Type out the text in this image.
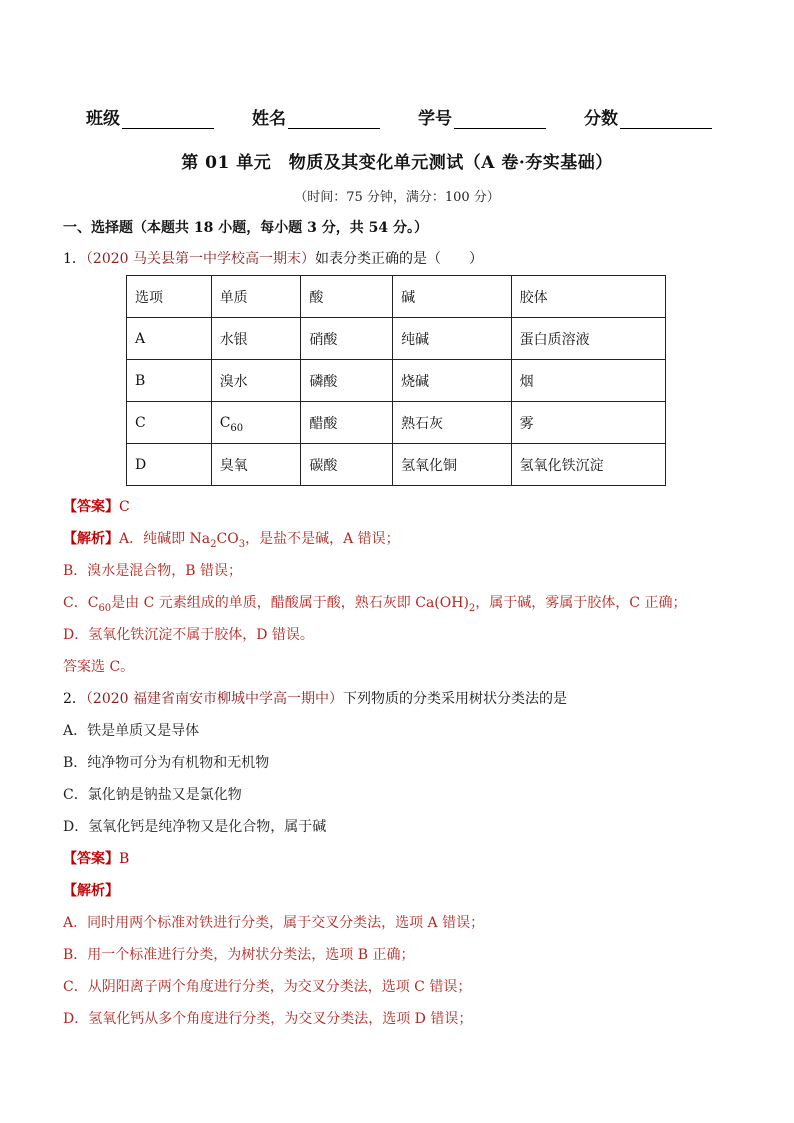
班级	姓名	学号	分数
第 01 单元　物质及其变化单元测试（A 卷·夯实基础）
（时间：75 分钟，满分：100 分）
一、选择题（本题共 18 小题，每小题 3 分，共 54 分。）
1．（2020 马关县第一中学校高一期末）如表分类正确的是（　　）
选项	单质	酸	碱	胶体
A	水银	硝酸	纯碱	蛋白质溶液
B	溴水	磷酸	烧碱	烟
C	$C_{60}$	醋酸	熟石灰	雾
D	臭氧	碳酸	氢氧化铜	氢氧化铁沉淀
【答案】C
【解析】A．纯碱即 $Na_2CO_3$，是盐不是碱，A 错误；
B．溴水是混合物，B 错误；
C．$C_{60}$是由 C 元素组成的单质，醋酸属于酸，熟石灰即 $Ca(OH)_2$，属于碱，雾属于胶体，C 正确；
D．氢氧化铁沉淀不属于胶体，D 错误。
答案选 C。
2．（2020 福建省南安市柳城中学高一期中）下列物质的分类采用树状分类法的是
A．铁是单质又是导体
B．纯净物可分为有机物和无机物
C．氯化钠是钠盐又是氯化物
D．氢氧化钙是纯净物又是化合物，属于碱
【答案】B
【解析】
A．同时用两个标准对铁进行分类，属于交叉分类法，选项 A 错误；
B．用一个标准进行分类，为树状分类法，选项 B 正确；
C．从阴阳离子两个角度进行分类，为交叉分类法，选项 C 错误；
D．氢氧化钙从多个角度进行分类，为交叉分类法，选项 D 错误；
